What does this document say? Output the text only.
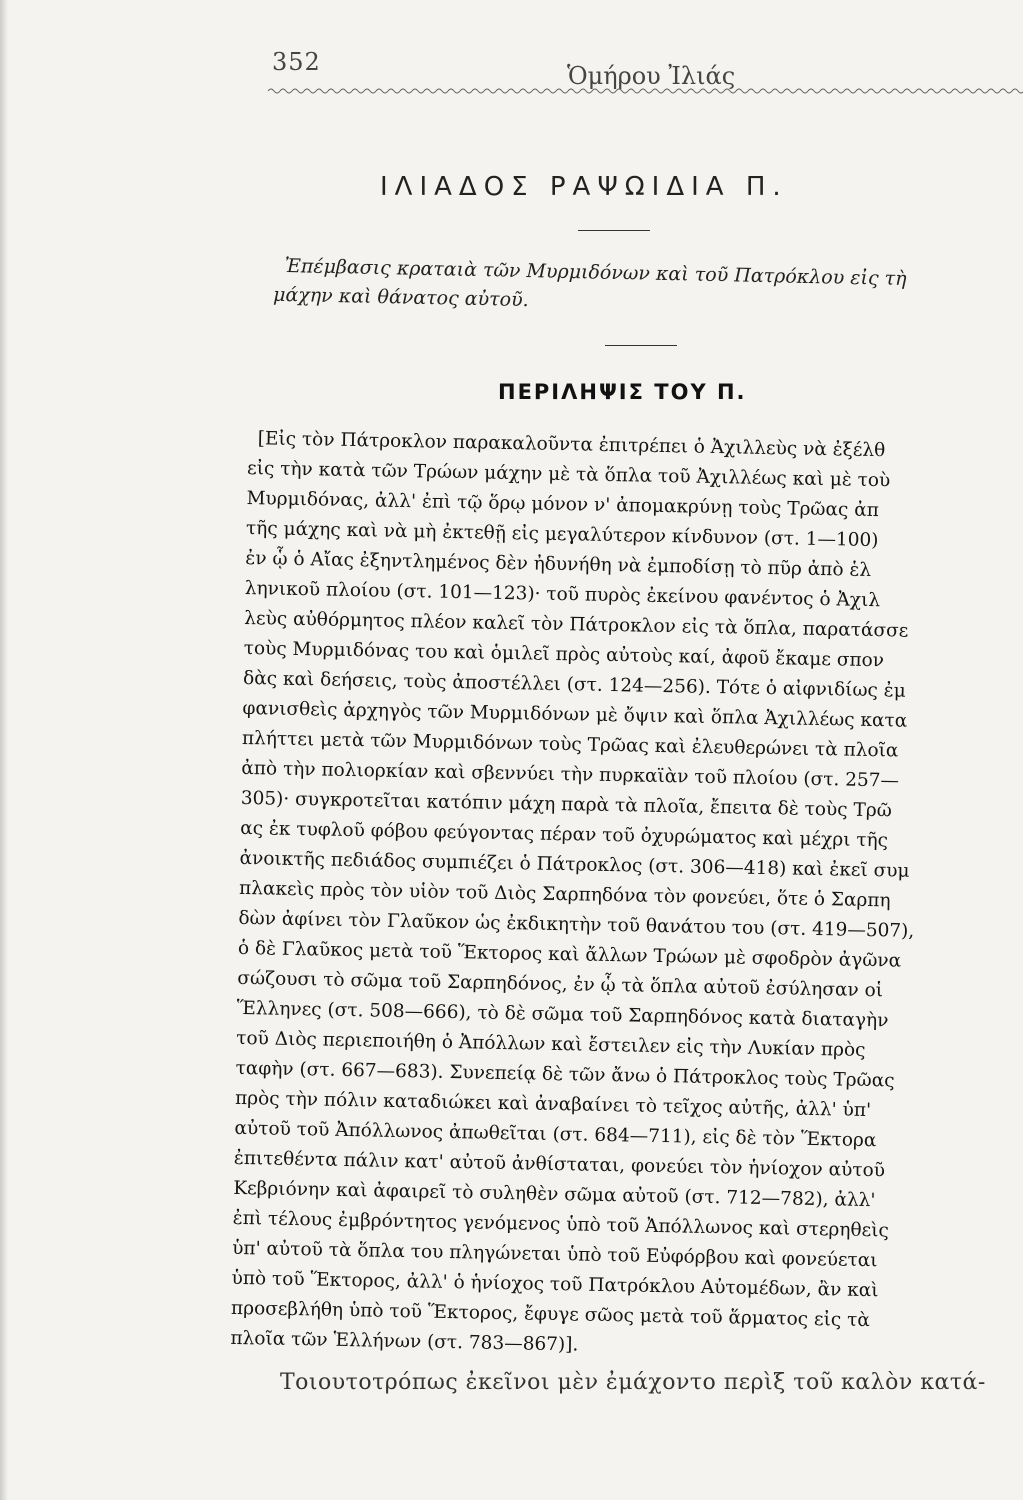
352	Ὁμήρου Ἰλιάς
ΙΛΙΑΔΟΣ ΡΑΨΩΙΔΙΑ Π.
Ἐπέμβασις κραταιὰ τῶν Μυρμιδόνων καὶ τοῦ Πατρόκλου εἰς τὴ
μάχην καὶ θάνατος αὐτοῦ.
ΠΕΡΙΛΗΨΙΣ ΤΟΥ Π.
[Εἰς τὸν Πάτροκλον παρακαλοῦντα ἐπιτρέπει ὁ Ἀχιλλεὺς νὰ ἐξέλθ
εἰς τὴν κατὰ τῶν Τρώων μάχην μὲ τὰ ὅπλα τοῦ Ἀχιλλέως καὶ μὲ τοὺ
Μυρμιδόνας, ἀλλ' ἐπὶ τῷ ὅρῳ μόνον ν' ἀπομακρύνῃ τοὺς Τρῶας ἀπ
τῆς μάχης καὶ νὰ μὴ ἐκτεθῇ εἰς μεγαλύτερον κίνδυνον (στ. 1—100)
ἐν ᾧ ὁ Αἴας ἐξηντλημένος δὲν ἠδυνήθη νὰ ἐμποδίσῃ τὸ πῦρ ἀπὸ ἑλ
ληνικοῦ πλοίου (στ. 101—123)· τοῦ πυρὸς ἐκείνου φανέντος ὁ Ἀχιλ
λεὺς αὐθόρμητος πλέον καλεῖ τὸν Πάτροκλον εἰς τὰ ὅπλα, παρατάσσε
τοὺς Μυρμιδόνας του καὶ ὁμιλεῖ πρὸς αὐτοὺς καί, ἀφοῦ ἔκαμε σπον
δὰς καὶ δεήσεις, τοὺς ἀποστέλλει (στ. 124—256). Τότε ὁ αἰφνιδίως ἐμ
φανισθεὶς ἀρχηγὸς τῶν Μυρμιδόνων μὲ ὄψιν καὶ ὅπλα Ἀχιλλέως κατα
πλήττει μετὰ τῶν Μυρμιδόνων τοὺς Τρῶας καὶ ἐλευθερώνει τὰ πλοῖα
ἀπὸ τὴν πολιορκίαν καὶ σβεννύει τὴν πυρκαϊὰν τοῦ πλοίου (στ. 257—
305)· συγκροτεῖται κατόπιν μάχη παρὰ τὰ πλοῖα, ἔπειτα δὲ τοὺς Τρῶ
ας ἐκ τυφλοῦ φόβου φεύγοντας πέραν τοῦ ὀχυρώματος καὶ μέχρι τῆς
ἀνοικτῆς πεδιάδος συμπιέζει ὁ Πάτροκλος (στ. 306—418) καὶ ἐκεῖ συμ
πλακεὶς πρὸς τὸν υἱὸν τοῦ Διὸς Σαρπηδόνα τὸν φονεύει, ὅτε ὁ Σαρπη
δὼν ἀφίνει τὸν Γλαῦκον ὡς ἐκδικητὴν τοῦ θανάτου του (στ. 419—507),
ὁ δὲ Γλαῦκος μετὰ τοῦ Ἕκτορος καὶ ἄλλων Τρώων μὲ σφοδρὸν ἀγῶνα
σώζουσι τὸ σῶμα τοῦ Σαρπηδόνος, ἐν ᾧ τὰ ὅπλα αὐτοῦ ἐσύλησαν οἱ
Ἕλληνες (στ. 508—666), τὸ δὲ σῶμα τοῦ Σαρπηδόνος κατὰ διαταγὴν
τοῦ Διὸς περιεποιήθη ὁ Ἀπόλλων καὶ ἔστειλεν εἰς τὴν Λυκίαν πρὸς
ταφὴν (στ. 667—683). Συνεπείᾳ δὲ τῶν ἄνω ὁ Πάτροκλος τοὺς Τρῶας
πρὸς τὴν πόλιν καταδιώκει καὶ ἀναβαίνει τὸ τεῖχος αὐτῆς, ἀλλ' ὑπ'
αὐτοῦ τοῦ Ἀπόλλωνος ἀπωθεῖται (στ. 684—711), εἰς δὲ τὸν Ἕκτορα
ἐπιτεθέντα πάλιν κατ' αὐτοῦ ἀνθίσταται, φονεύει τὸν ἡνίοχον αὐτοῦ
Κεβριόνην καὶ ἀφαιρεῖ τὸ συληθὲν σῶμα αὐτοῦ (στ. 712—782), ἀλλ'
ἐπὶ τέλους ἐμβρόντητος γενόμενος ὑπὸ τοῦ Ἀπόλλωνος καὶ στερηθεὶς
ὑπ' αὐτοῦ τὰ ὅπλα του πληγώνεται ὑπὸ τοῦ Εὐφόρβου καὶ φονεύεται
ὑπὸ τοῦ Ἕκτορος, ἀλλ' ὁ ἡνίοχος τοῦ Πατρόκλου Αὐτομέδων, ἂν καὶ
προσεβλήθη ὑπὸ τοῦ Ἕκτορος, ἔφυγε σῶος μετὰ τοῦ ἅρματος εἰς τὰ
πλοῖα τῶν Ἑλλήνων (στ. 783—867)].
Τοιουτοτρόπως ἐκεῖνοι μὲν ἐμάχοντο περὶξ τοῦ καλὸν κατά-
